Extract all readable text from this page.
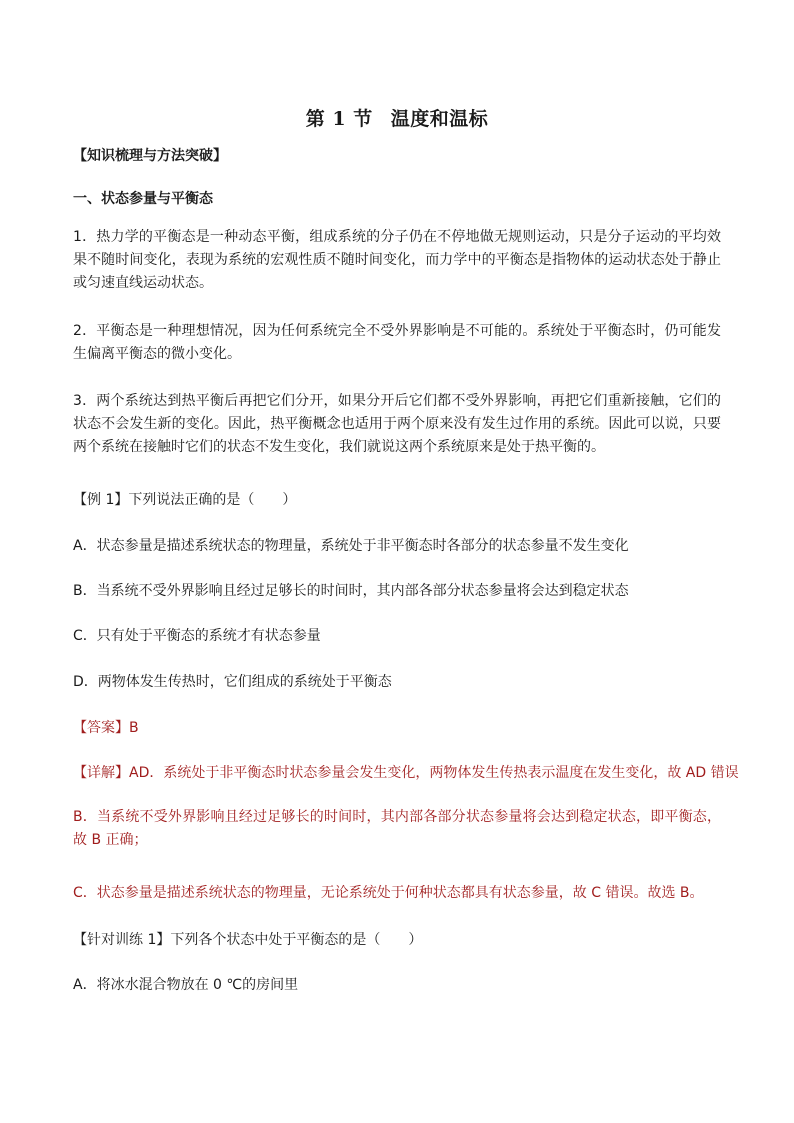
第 1 节 温度和温标

【知识梳理与方法突破】

一、状态参量与平衡态

1．热力学的平衡态是一种动态平衡，组成系统的分子仍在不停地做无规则运动，只是分子运动的平均效果不随时间变化，表现为系统的宏观性质不随时间变化，而力学中的平衡态是指物体的运动状态处于静止或匀速直线运动状态。

2．平衡态是一种理想情况，因为任何系统完全不受外界影响是不可能的。系统处于平衡态时，仍可能发生偏离平衡态的微小变化。

3．两个系统达到热平衡后再把它们分开，如果分开后它们都不受外界影响，再把它们重新接触，它们的状态不会发生新的变化。因此，热平衡概念也适用于两个原来没有发生过作用的系统。因此可以说，只要两个系统在接触时它们的状态不发生变化，我们就说这两个系统原来是处于热平衡的。

【例 1】下列说法正确的是（　　）

A．状态参量是描述系统状态的物理量，系统处于非平衡态时各部分的状态参量不发生变化

B．当系统不受外界影响且经过足够长的时间时，其内部各部分状态参量将会达到稳定状态

C．只有处于平衡态的系统才有状态参量

D．两物体发生传热时，它们组成的系统处于平衡态

【答案】B

【详解】AD．系统处于非平衡态时状态参量会发生变化，两物体发生传热表示温度在发生变化，故 AD 错误

B．当系统不受外界影响且经过足够长的时间时，其内部各部分状态参量将会达到稳定状态，即平衡态，故 B 正确；

C．状态参量是描述系统状态的物理量，无论系统处于何种状态都具有状态参量，故 C 错误。故选 B。

【针对训练 1】下列各个状态中处于平衡态的是（　　）

A．将冰水混合物放在 0 ℃的房间里
